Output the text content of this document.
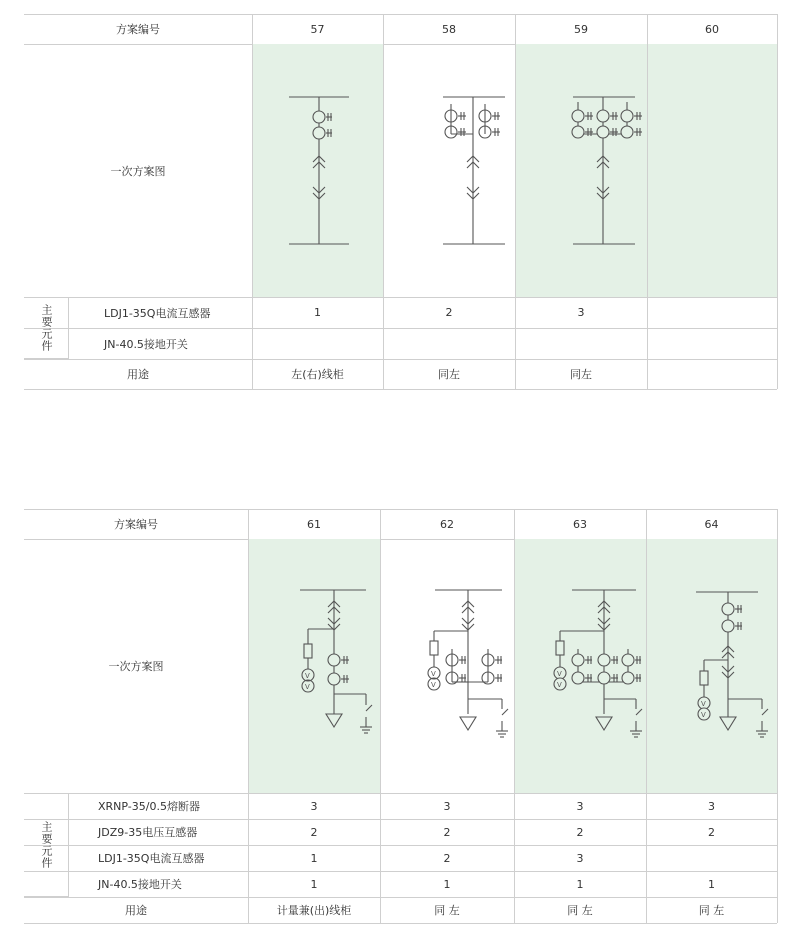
方案编号	57	58	59	60
一次方案图
LDJ1-35Q电流互感器	1	2	3
JN-40.5接地开关
主要元件
用途	左(右)线柜	同左	同左
方案编号	61	62	63	64
一次方案图
XRNP-35/0.5熔断器	3	3	3	3
JDZ9-35电压互感器	2	2	2	2
LDJ1-35Q电流互感器	1	2	3
JN-40.5接地开关	1	1	1	1
主要元件
用途	计量兼(出)线柜	同 左	同 左	同 左
V
V
V
V
V
V
V
V
